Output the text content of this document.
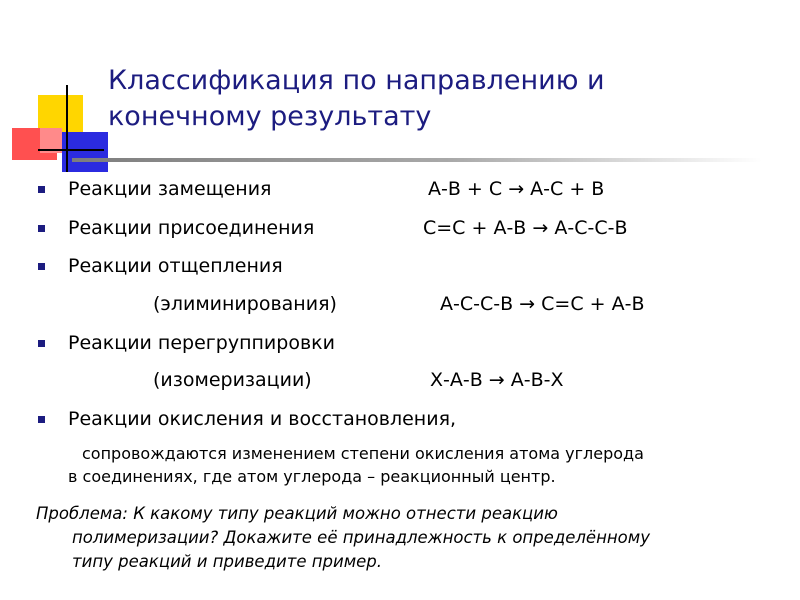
Классификация по направлению и
конечному результату
Реакции замещения	А-В + С → А-С + В
Реакции присоединения	С=С + А-В → А-С-С-В
Реакции отщепления
(элиминирования)	А-С-С-В → С=С + А-В
Реакции перегруппировки
(изомеризации)	Х-А-В → А-В-Х
Реакции окисления и восстановления,
сопровождаются изменением степени окисления атома углерода
в соединениях, где атом углерода – реакционный центр.
Проблема: К какому типу реакций можно отнести реакцию
полимеризации? Докажите её принадлежность к определённому
типу реакций и приведите пример.
